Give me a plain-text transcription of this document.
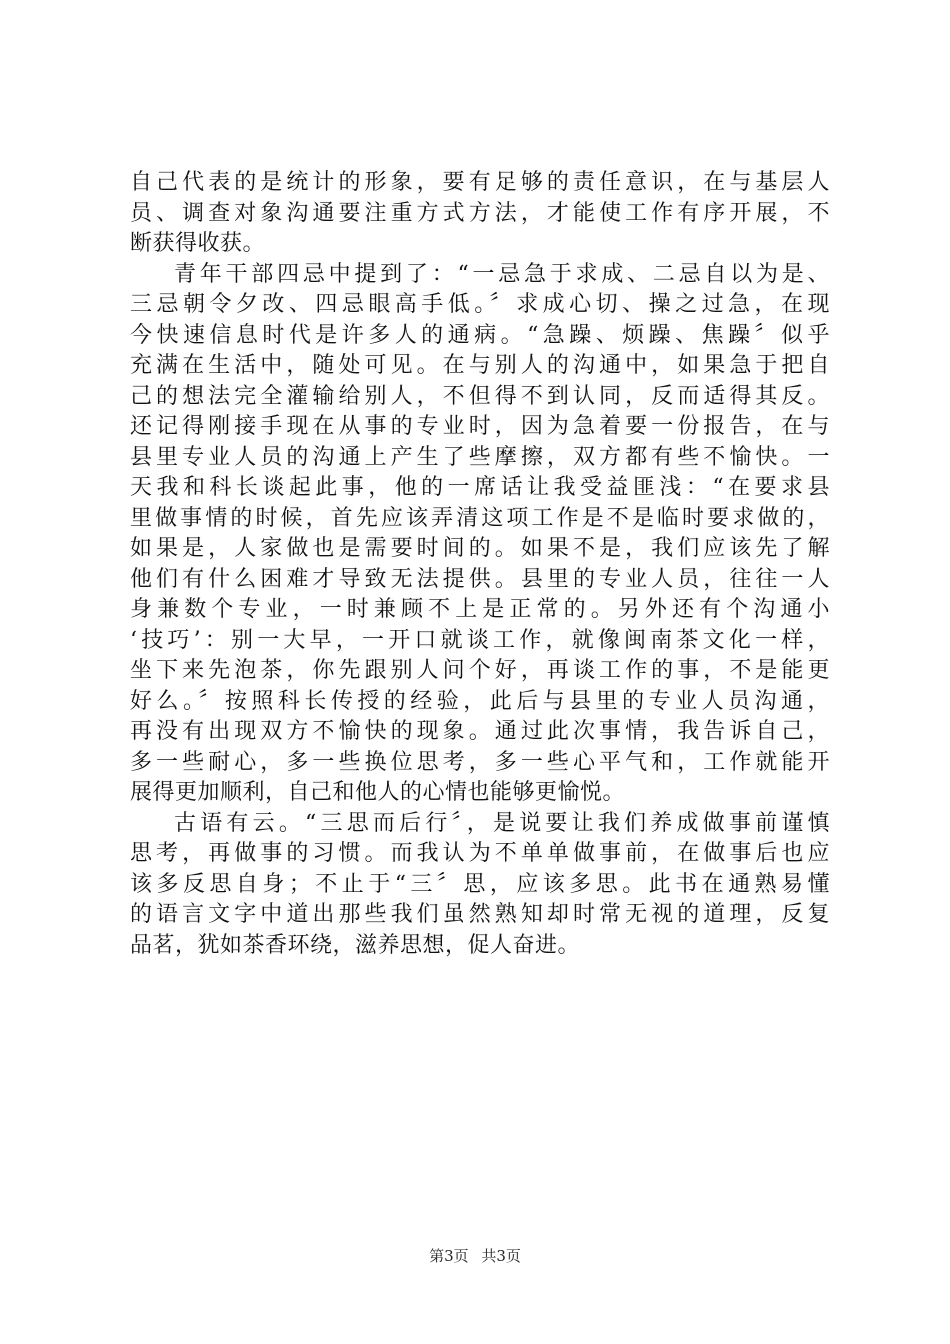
自己代表的是统计的形象，要有足够的责任意识，在与基层人
员、调查对象沟通要注重方式方法，才能使工作有序开展，不
断获得收获。
青年干部四忌中提到了：“一忌急于求成、二忌自以为是、
三忌朝令夕改、四忌眼高手低。〞求成心切、操之过急，在现
今快速信息时代是许多人的通病。“急躁、烦躁、焦躁〞似乎
充满在生活中，随处可见。在与别人的沟通中，如果急于把自
己的想法完全灌输给别人，不但得不到认同，反而适得其反。
还记得刚接手现在从事的专业时，因为急着要一份报告，在与
县里专业人员的沟通上产生了些摩擦，双方都有些不愉快。一
天我和科长谈起此事，他的一席话让我受益匪浅：“在要求县
里做事情的时候，首先应该弄清这项工作是不是临时要求做的，
如果是，人家做也是需要时间的。如果不是，我们应该先了解
他们有什么困难才导致无法提供。县里的专业人员，往往一人
身兼数个专业，一时兼顾不上是正常的。另外还有个沟通小
‘技巧’：别一大早，一开口就谈工作，就像闽南茶文化一样，
坐下来先泡茶，你先跟别人问个好，再谈工作的事，不是能更
好么。〞按照科长传授的经验，此后与县里的专业人员沟通，
再没有出现双方不愉快的现象。通过此次事情，我告诉自己，
多一些耐心，多一些换位思考，多一些心平气和，工作就能开
展得更加顺利，自己和他人的心情也能够更愉悦。
古语有云。“三思而后行〞，是说要让我们养成做事前谨慎
思考，再做事的习惯。而我认为不单单做事前，在做事后也应
该多反思自身；不止于“三〞思，应该多思。此书在通熟易懂
的语言文字中道出那些我们虽然熟知却时常无视的道理，反复
品茗，犹如茶香环绕，滋养思想，促人奋进。
第3页 共3页
